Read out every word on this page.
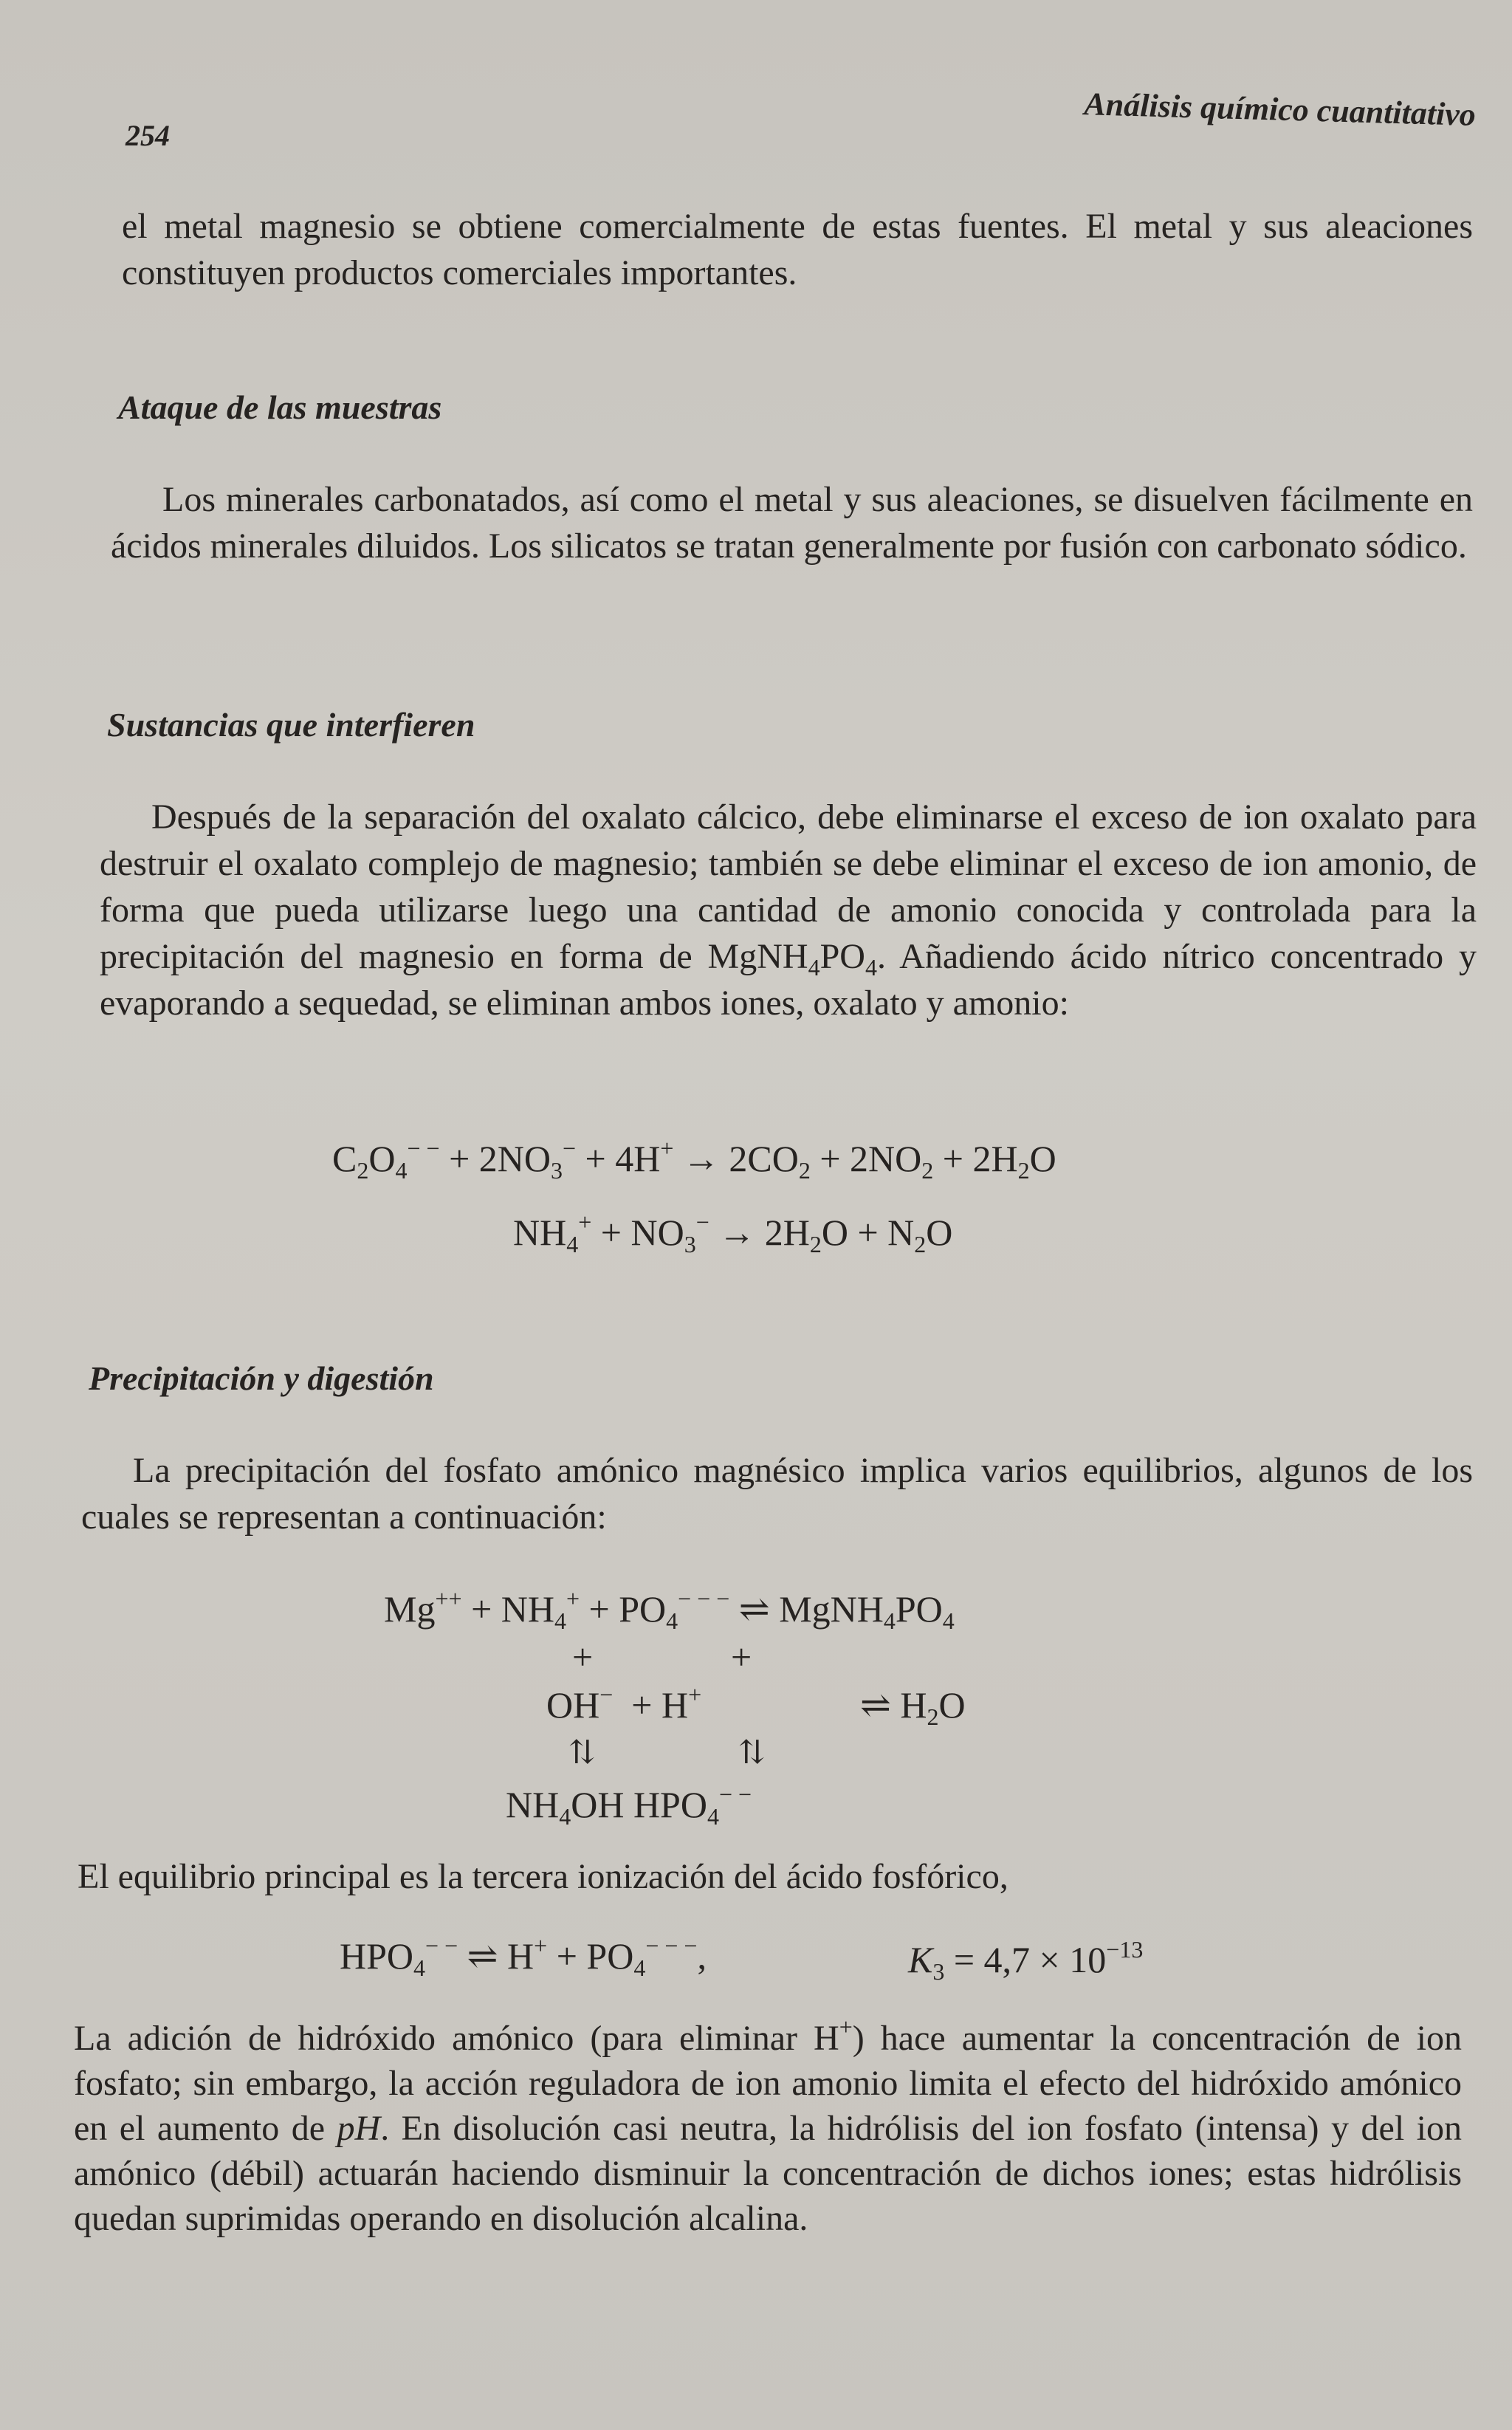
254
Análisis químico cuantitativo

el metal magnesio se obtiene comercialmente de estas fuentes. El metal y sus aleaciones constituyen productos comerciales importantes.

Ataque de las muestras

Los minerales carbonatados, así como el metal y sus aleaciones, se disuelven fácilmente en ácidos minerales diluidos. Los silicatos se tratan generalmente por fusión con carbonato sódico.

Sustancias que interfieren

Después de la separación del oxalato cálcico, debe eliminarse el exceso de ion oxalato para destruir el oxalato complejo de magnesio; también se debe eliminar el exceso de ion amonio, de forma que pueda utilizarse luego una cantidad de amonio conocida y controlada para la precipitación del magnesio en forma de $MgNH_4PO_4$. Añadiendo ácido nítrico concentrado y evaporando a sequedad, se eliminan ambos iones, oxalato y amonio:

$C_2O_4^{- -} + 2NO_3^- + 4H^+ \to 2CO_2 + 2NO_2 + 2H_2O$
$NH_4^+ + NO_3^- \to 2H_2O + N_2O$
Precipitación y digestión

La precipitación del fosfato amónico magnésico implica varios equilibrios, algunos de los cuales se representan a continuación:

$Mg^{++} + NH_4^+ + PO_4^{- - -}$ ⇌ $MgNH_4PO_4$
+	+
OH− + H+	⇌ $H_2O$
⇅	⇅
$NH_4OH$ $HPO_4^{- -}$

El equilibrio principal es la tercera ionización del ácido fosfórico,

$HPO_4^{- -}$ ⇌ $H^+ + PO_4^{- - -}$,	$K_3 = 4,7 \times 10^{-13}$

La adición de hidróxido amónico (para eliminar H+) hace aumentar la concentración de ion fosfato; sin embargo, la acción reguladora de ion amonio limita el efecto del hidróxido amónico en el aumento de pH. En disolución casi neutra, la hidrólisis del ion fosfato (intensa) y del ion amónico (débil) actuarán haciendo disminuir la concentración de dichos iones; estas hidrólisis quedan suprimidas operando en disolución alcalina.
